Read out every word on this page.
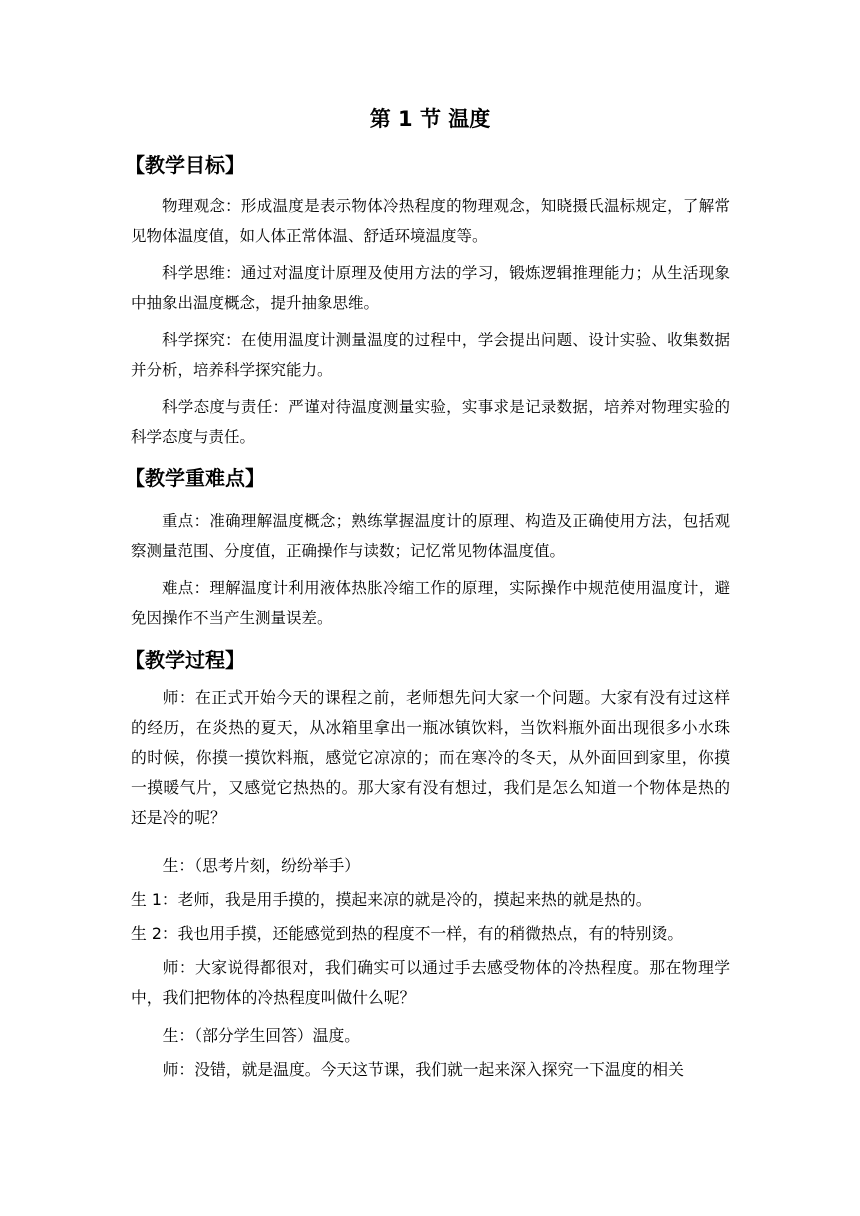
第 1 节 温度
【教学目标】

物理观念：形成温度是表示物体冷热程度的物理观念，知晓摄氏温标规定，了解常见物体温度值，如人体正常体温、舒适环境温度等。

科学思维：通过对温度计原理及使用方法的学习，锻炼逻辑推理能力；从生活现象中抽象出温度概念，提升抽象思维。

科学探究：在使用温度计测量温度的过程中，学会提出问题、设计实验、收集数据并分析，培养科学探究能力。

科学态度与责任：严谨对待温度测量实验，实事求是记录数据，培养对物理实验的科学态度与责任。

【教学重难点】

重点：准确理解温度概念；熟练掌握温度计的原理、构造及正确使用方法，包括观察测量范围、分度值，正确操作与读数；记忆常见物体温度值。

难点：理解温度计利用液体热胀冷缩工作的原理，实际操作中规范使用温度计，避免因操作不当产生测量误差。

【教学过程】

师：在正式开始今天的课程之前，老师想先问大家一个问题。大家有没有过这样的经历，在炎热的夏天，从冰箱里拿出一瓶冰镇饮料，当饮料瓶外面出现很多小水珠的时候，你摸一摸饮料瓶，感觉它凉凉的；而在寒冷的冬天，从外面回到家里，你摸一摸暖气片，又感觉它热热的。那大家有没有想过，我们是怎么知道一个物体是热的还是冷的呢？

生：（思考片刻，纷纷举手）

生 1：老师，我是用手摸的，摸起来凉的就是冷的，摸起来热的就是热的。

生 2：我也用手摸，还能感觉到热的程度不一样，有的稍微热点，有的特别烫。

师：大家说得都很对，我们确实可以通过手去感受物体的冷热程度。那在物理学中，我们把物体的冷热程度叫做什么呢？

生：（部分学生回答）温度。

师：没错，就是温度。今天这节课，我们就一起来深入探究一下温度的相关
